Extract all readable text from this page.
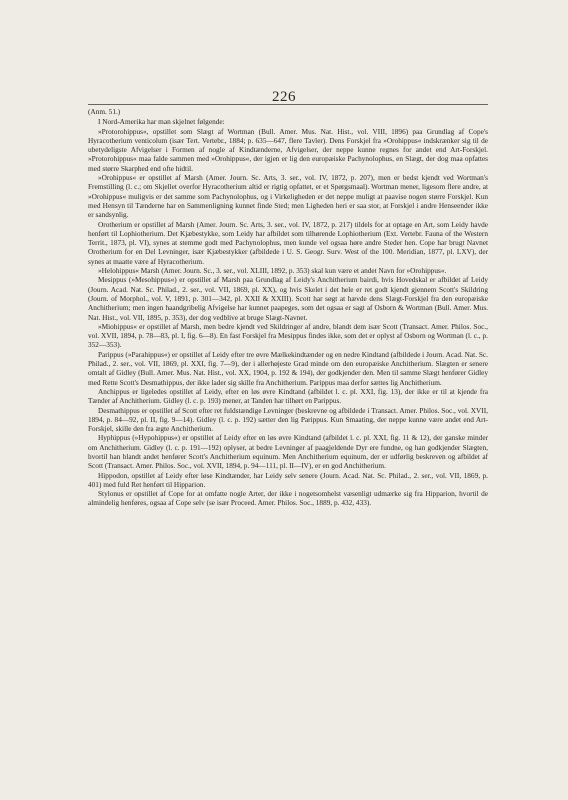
226

(Anm. 51.)

I Nord-Amerika har man skjelnet følgende:

»Protorohippus«, opstillet som Slægt af Wortman (Bull. Amer. Mus. Nat. Hist., vol. VIII, 1896) paa Grundlag af Cope's Hyracotherium venticolum (især Tert. Vertebr., 1884; p. 635—647, flere Tavler). Dens Forskjel fra »Orohippus« indskrænker sig til de ubetydeligste Afvigelser i Formen af nogle af Kindtænderne, Afvigelser, der neppe kunne regnes for andet end Art-Forskjel. »Protorohippus« maa falde sammen med »Orohippus«, der igjen er lig den europæiske Pachynolophus, en Slægt, der dog maa opfattes med større Skarphed end ofte hidtil.

»Orohippus« er opstillet af Marsh (Amer. Journ. Sc. Arts, 3. ser., vol. IV, 1872, p. 207), men er bedst kjendt ved Wortman's Fremstilling (l. c.; om Skjellet overfor Hyracotherium altid er rigtig opfattet, er et Spørgsmaal). Wortman mener, ligesom flere andre, at »Orohippus« muligvis er det samme som Pachynolophus, og i Virkeligheden er det neppe muligt at paavise nogen større Forskjel. Kun med Hensyn til Tænderne har en Sammenligning kunnet finde Sted; men Ligheden heri er saa stor, at Forskjel i andre Henseender ikke er sandsynlig.

Orotherium er opstillet af Marsh (Amer. Journ. Sc. Arts, 3. ser., vol. IV, 1872, p. 217) tildels for at optage en Art, som Leidy havde henført til Lophiotherium. Det Kjæbestykke, som Leidy har afbildet som tilhørende Lophiotherium (Ext. Vertebr. Fauna of the Western Territ., 1873, pl. VI), synes at stemme godt med Pachynolophus, men kunde vel ogsaa høre andre Steder hen. Cope har brugt Navnet Orotherium for en Del Levninger, især Kjæbestykker (afbildede i U. S. Geogr. Surv. West of the 100. Meridian, 1877, pl. LXV), der synes at maatte være af Hyracotherium.

»Helohippus« Marsh (Amer. Journ. Sc., 3. ser., vol. XLIII, 1892, p. 353) skal kun være et andet Navn for »Orohippus«.

Mesippus (»Mesohippus«) er opstillet af Marsh paa Grundlag af Leidy's Anchitherium bairdi, hvis Hovedskal er afbildet af Leidy (Journ. Acad. Nat. Sc. Philad., 2. ser., vol. VII, 1869, pl. XX), og hvis Skelet i det hele er ret godt kjendt gjennem Scott's Skildring (Journ. of Morphol., vol. V, 1891, p. 301—342, pl. XXII & XXIII). Scott har søgt at hævde dens Slægt-Forskjel fra den europæiske Anchitherium; men ingen haandgribelig Afvigelse har kunnet paapeges, som det ogsaa er sagt af Osborn & Wortman (Bull. Amer. Mus. Nat. Hist., vol. VII, 1895, p. 353), der dog vedblive at bruge Slægt-Navnet.

»Miohippus« er opstillet af Marsh, men bedre kjendt ved Skildringer af andre, blandt dem især Scott (Transact. Amer. Philos. Soc., vol. XVII, 1894, p. 78—83, pl. I, fig. 6—8). En fast Forskjel fra Mesippus findes ikke, som det er oplyst af Osborn og Wortman (l. c., p. 352—353).

Parippus (»Parahippus«) er opstillet af Leidy efter tre øvre Mælkekindtænder og en nedre Kindtand (afbildede i Journ. Acad. Nat. Sc. Philad., 2. ser., vol. VII, 1869, pl. XXI, fig. 7—9), der i allerhøjeste Grad minde om den europæiske Anchitherium. Slægten er senere omtalt af Gidley (Bull. Amer. Mus. Nat. Hist., vol. XX, 1904, p. 192 & 194), der godkjender den. Men til samme Slægt henfører Gidley med Rette Scott's Desmathippus, der ikke lader sig skille fra Anchitherium. Parippus maa derfor sættes lig Anchitherium.

Anchippus er ligeledes opstillet af Leidy, efter en løs øvre Kindtand (afbildet l. c. pl. XXI, fig. 13), der ikke er til at kjende fra Tænder af Anchitherium. Gidley (l. c. p. 193) mener, at Tanden har tilhørt en Parippus.

Desmathippus er opstillet af Scott efter ret fuldstændige Levninger (beskrevne og afbildede i Transact. Amer. Philos. Soc., vol. XVII, 1894, p. 84—92, pl. II, fig. 9—14). Gidley (l. c. p. 192) sætter den lig Parippus. Kun Smaating, der neppe kunne være andet end Art-Forskjel, skille den fra ægte Anchitherium.

Hyphippus (»Hypohippus«) er opstillet af Leidy efter en løs øvre Kindtand (afbildet l. c. pl. XXI, fig. 11 & 12), der ganske minder om Anchitherium. Gidley (l. c. p. 191—192) oplyser, at bedre Levninger af paagjeldende Dyr ere fundne, og han godkjender Slægten, hvortil han blandt andet henfører Scott's Anchitherium equinum. Men Anchitherium equinum, der er udførlig beskreven og afbildet af Scott (Transact. Amer. Philos. Soc., vol. XVII, 1894, p. 94—111, pl. II—IV), er en god Anchitherium.

Hippodon, opstillet af Leidy efter løse Kindtænder, har Leidy selv senere (Journ. Acad. Nat. Sc. Philad., 2. ser., vol. VII, 1869, p. 401) med fuld Ret henført til Hipparion.

Stylonus er opstillet af Cope for at omfatte nogle Arter, der ikke i nogetsomhelst væsenligt udmærke sig fra Hipparion, hvortil de almindelig henføres, ogsaa af Cope selv (se især Proceed. Amer. Philos. Soc., 1889, p. 432, 433).
